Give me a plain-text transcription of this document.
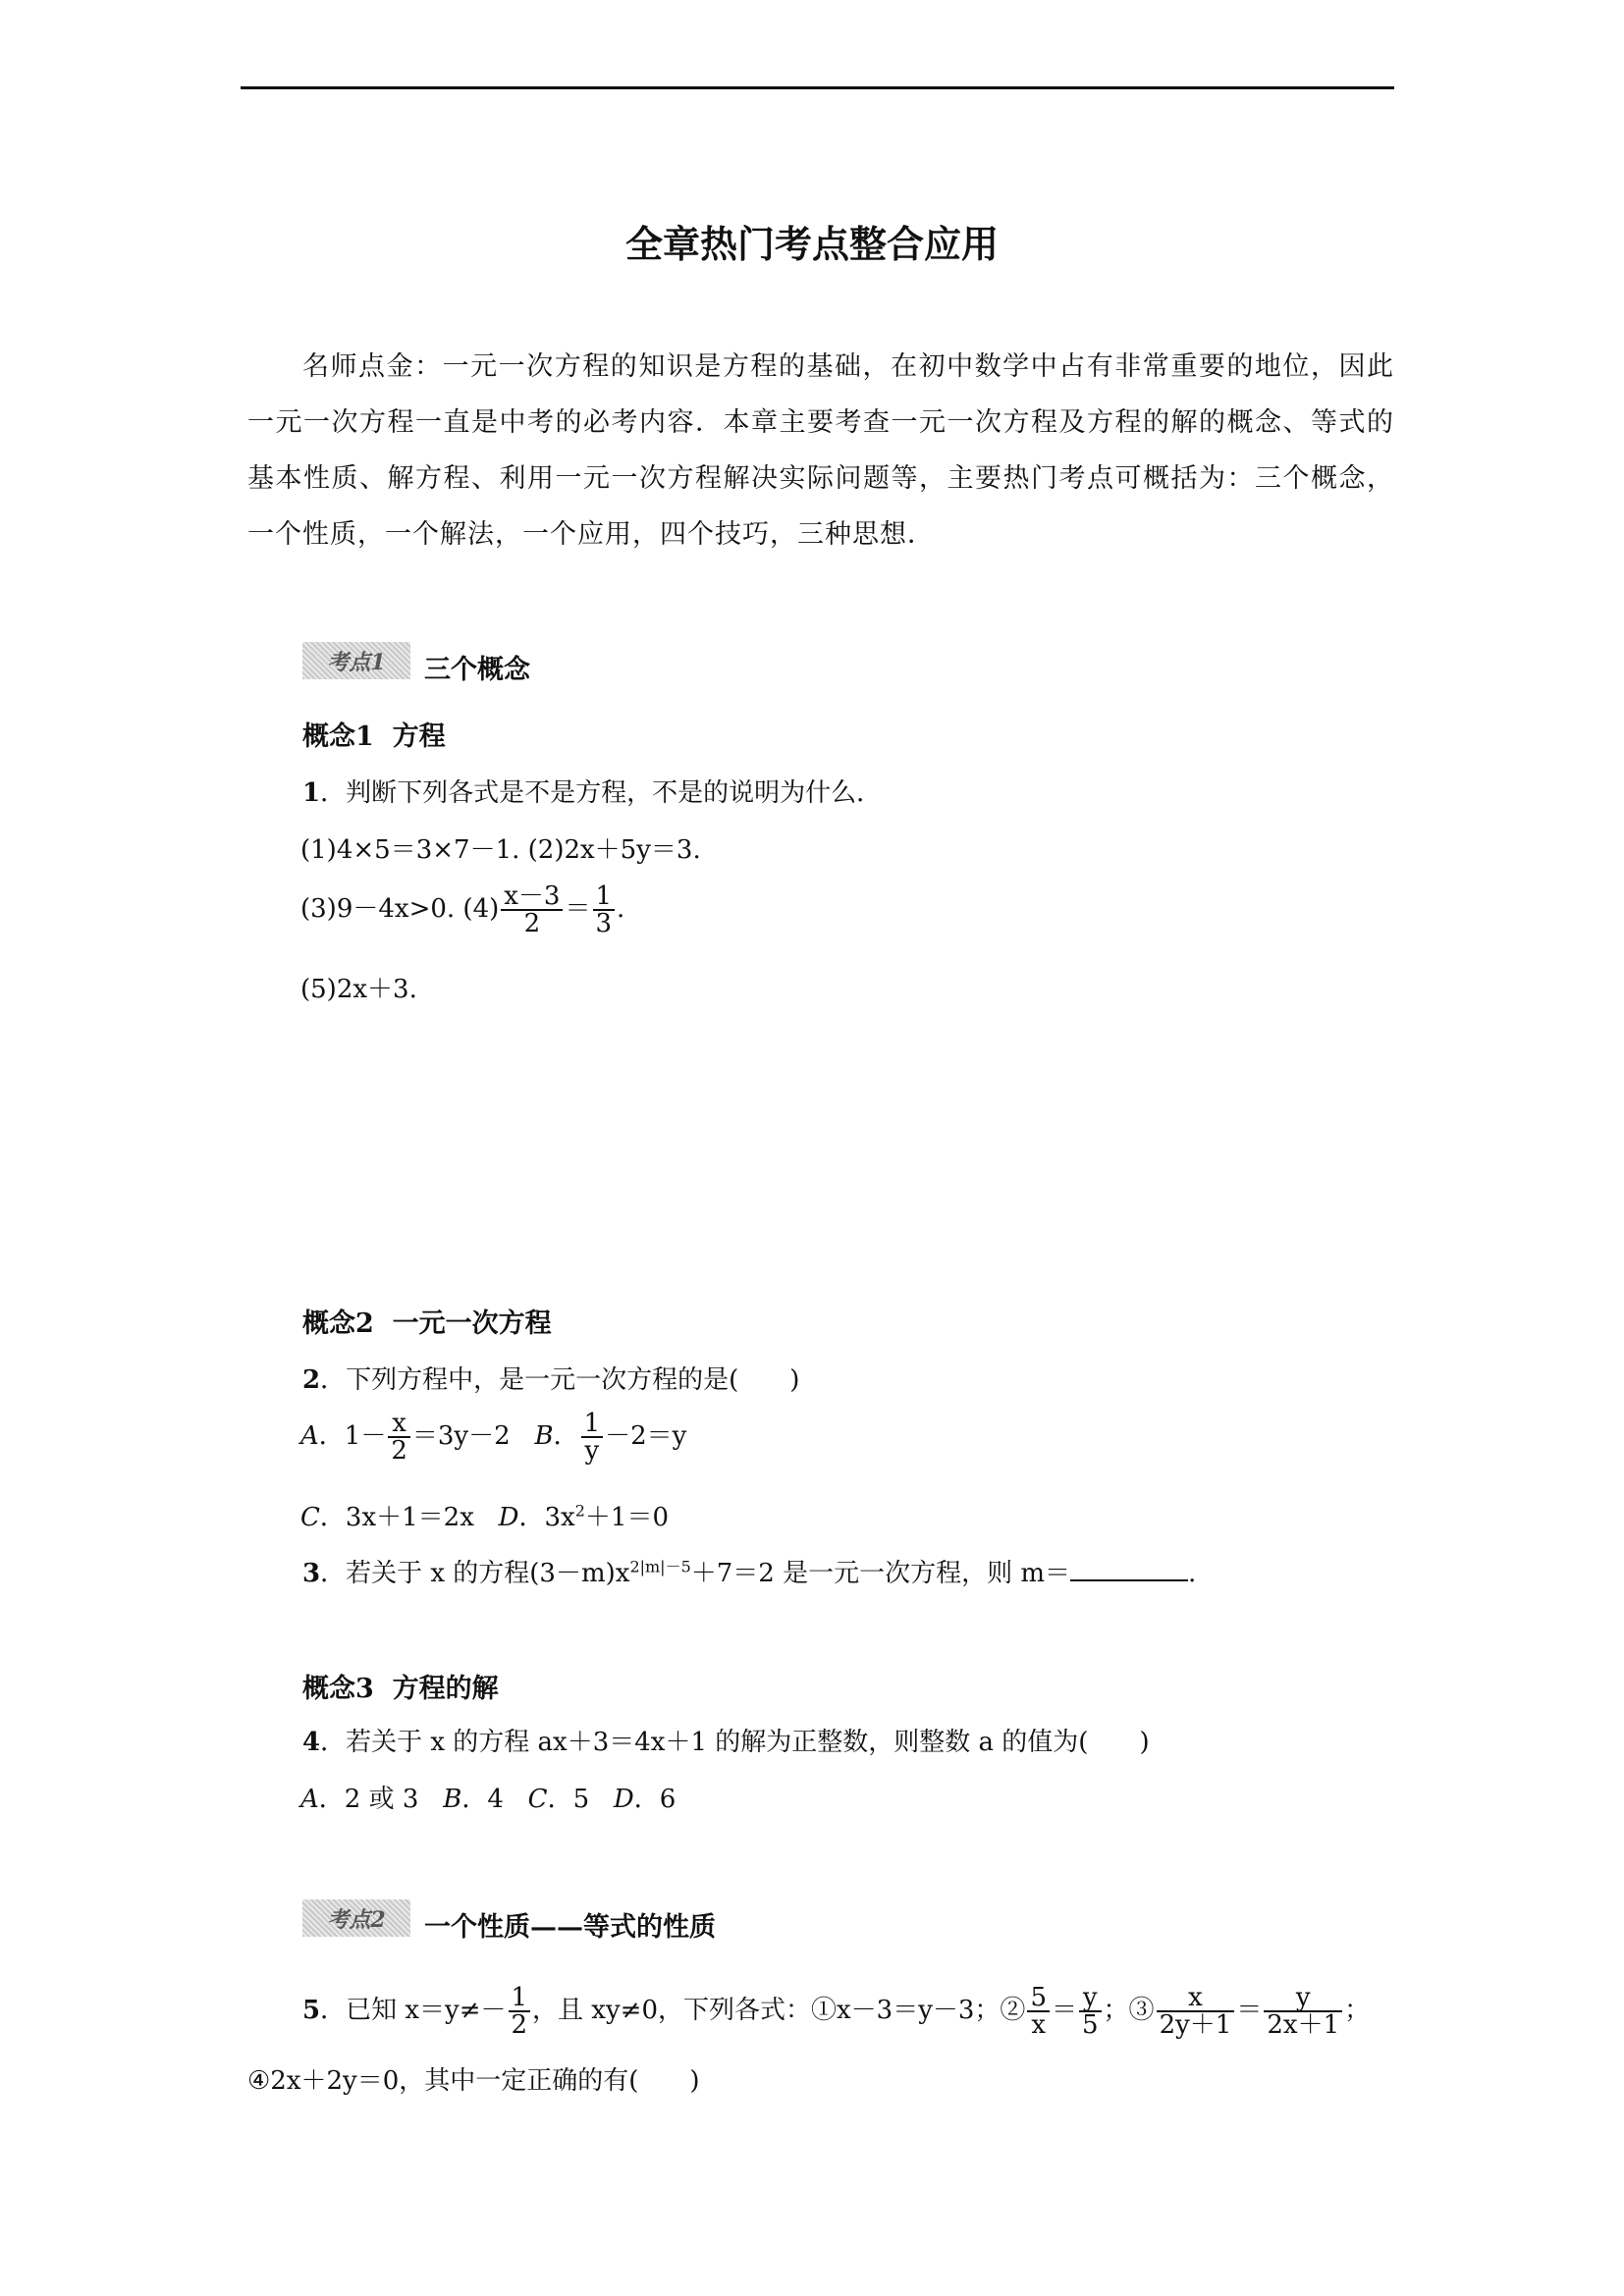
全章热门考点整合应用
名师点金：一元一次方程的知识是方程的基础，在初中数学中占有非常重要的地位，因此一元一次方程一直是中考的必考内容．本章主要考查一元一次方程及方程的解的概念、等式的基本性质、解方程、利用一元一次方程解决实际问题等，主要热门考点可概括为：三个概念，一个性质，一个解法，一个应用，四个技巧，三种思想．
考点1	三个概念
概念1 方程
1．判断下列各式是不是方程，不是的说明为什么．
(1)4×5＝3×7－1. (2)2x＋5y＝3.
(3)9－4x>0. $(4) \frac{x-3}{2} = \frac{1}{3}$ .
(5)2x＋3.
概念2 一元一次方程
2．下列方程中，是一元一次方程的是(　　)
A．$1- \frac{x}{2} =3y-2$ B． $\frac{1}{y} -2=y$
C．3x＋1＝2x D．$3x^2+1=0$
3．若关于 x 的方程$(3-m)x^{2|m|-5}+7=2$ 是一元一次方程，则 m＝	.
概念3 方程的解
4．若关于 x 的方程 ax＋3＝4x＋1 的解为正整数，则整数 a 的值为(　　)
A．2 或 3 B．4 C．5 D．6
考点2	一个性质——等式的性质
5．已知 $x=y\ne- \frac{1}{2}$ ，且 xy≠0，下列各式：①x－3＝y－3；② $\frac{5}{x} = \frac{y}{5}$ ；③ $\frac{x}{2y+1} = \frac{y}{2x+1}$ ；
④2x＋2y＝0，其中一定正确的有(　　)
